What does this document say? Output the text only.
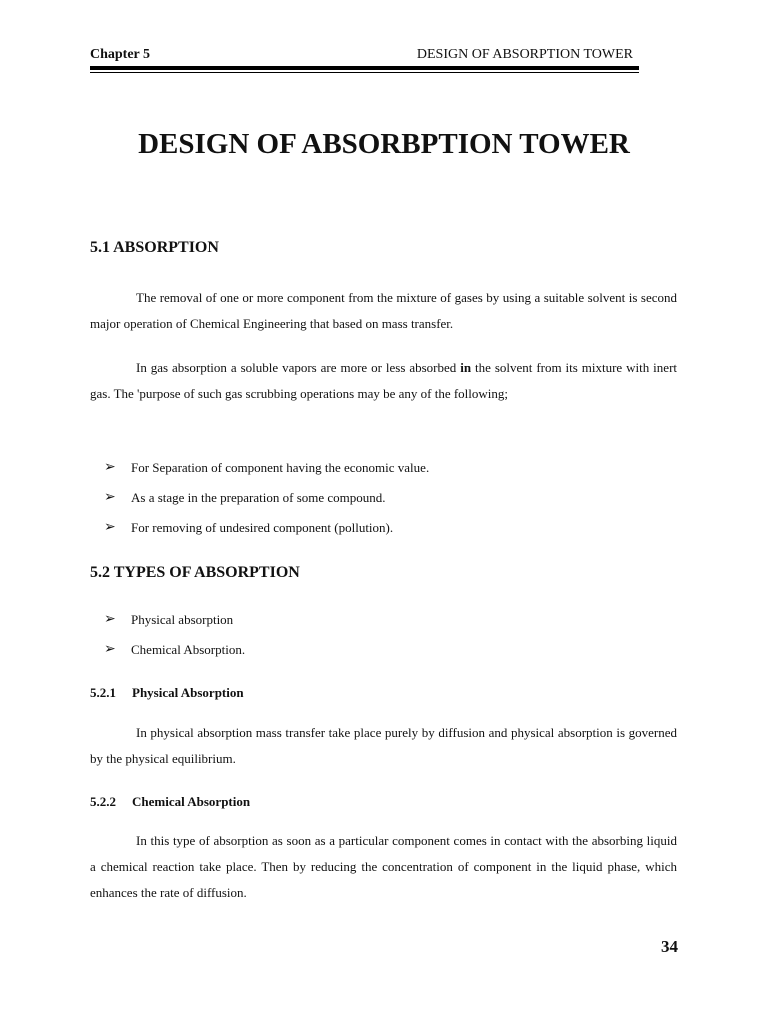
Chapter 5	DESIGN OF ABSORPTION TOWER
DESIGN OF ABSORBPTION TOWER
5.1 ABSORPTION

The removal of one or more component from the mixture of gases by using a suitable solvent is second major operation of Chemical Engineering that based on mass transfer.

In gas absorption a soluble vapors are more or less absorbed in the solvent from its mixture with inert gas. The 'purpose of such gas scrubbing operations may be any of the following;

➢	For Separation of component having the economic value.
➢	As a stage in the preparation of some compound.
➢	For removing of undesired component (pollution).
5.2 TYPES OF ABSORPTION
➢	Physical absorption
➢	Chemical Absorption.
5.2.1 Physical Absorption

In physical absorption mass transfer take place purely by diffusion and physical absorption is governed by the physical equilibrium.

5.2.2 Chemical Absorption

In this type of absorption as soon as a particular component comes in contact with the absorbing liquid a chemical reaction take place. Then by reducing the concentration of component in the liquid phase, which enhances the rate of diffusion.

34
